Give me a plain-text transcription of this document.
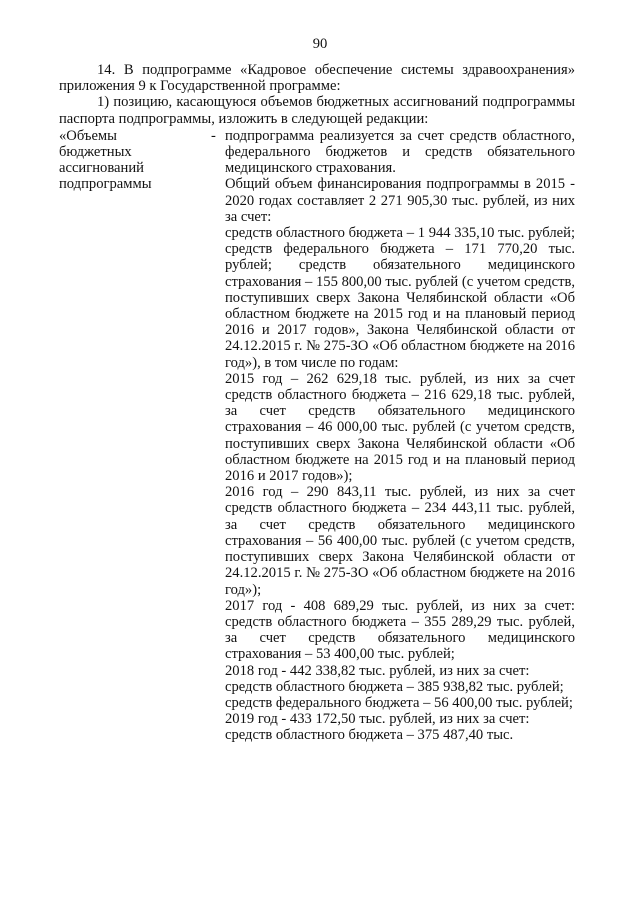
90
14. В подпрограмме «Кадровое обеспечение системы здравоохранения» приложения 9 к Государственной программе:
1) позицию, касающуюся объемов бюджетных ассигнований подпрограммы паспорта подпрограммы, изложить в следующей редакции:
«Объемы
бюджетных
ассигнований
подпрограммы
- подпрограмма реализуется за счет средств областного, федерального бюджетов и средств обязательного медицинского страхования.

Общий объем финансирования подпрограммы в 2015 - 2020 годах составляет 2 271 905,30 тыс. рублей, из них за счет:

средств областного бюджета – 1 944 335,10 тыс. рублей; средств федерального бюджета – 171 770,20 тыс. рублей; средств обязательного медицинского страхования – 155 800,00 тыс. рублей (с учетом средств, поступивших сверх Закона Челябинской области «Об областном бюджете на 2015 год и на плановый период 2016 и 2017 годов», Закона Челябинской области от 24.12.2015 г. № 275-ЗО «Об областном бюджете на 2016 год»), в том числе по годам:

2015 год – 262 629,18 тыс. рублей, из них за счет средств областного бюджета – 216 629,18 тыс. рублей, за счет средств обязательного медицинского страхования – 46 000,00 тыс. рублей (с учетом средств, поступивших сверх Закона Челябинской области «Об областном бюджете на 2015 год и на плановый период 2016 и 2017 годов»);

2016 год – 290 843,11 тыс. рублей, из них за счет средств областного бюджета – 234 443,11 тыс. рублей, за счет средств обязательного медицинского страхования – 56 400,00 тыс. рублей (с учетом средств, поступивших сверх Закона Челябинской области от 24.12.2015 г. № 275-ЗО «Об областном бюджете на 2016 год»);

2017 год - 408 689,29 тыс. рублей, из них за счет: средств областного бюджета – 355 289,29 тыс. рублей, за счет средств обязательного медицинского страхования – 53 400,00 тыс. рублей;

2018 год - 442 338,82 тыс. рублей, из них за счет:

средств областного бюджета – 385 938,82 тыс. рублей;

средств федерального бюджета – 56 400,00 тыс. рублей;

2019 год - 433 172,50 тыс. рублей, из них за счет:

средств областного бюджета – 375 487,40 тыс.
